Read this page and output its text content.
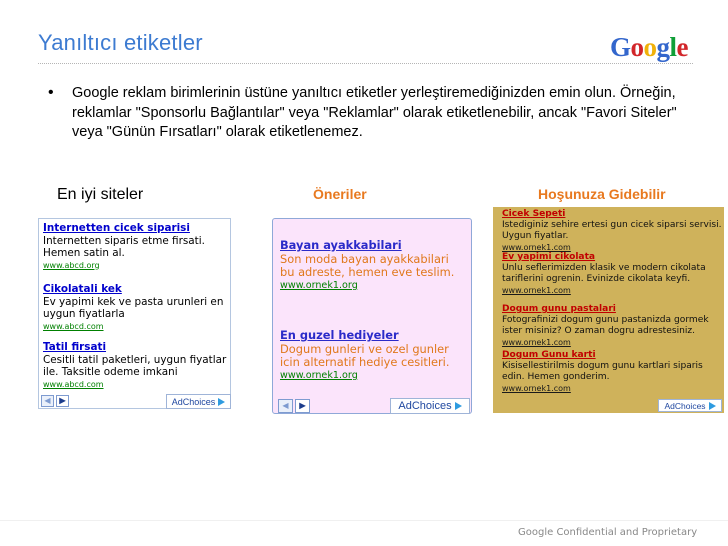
Yanıltıcı etiketler	Google
• Google reklam birimlerinin üstüne yanıltıcı etiketler yerleştiremediğinizden emin olun. Örneğin, reklamlar "Sponsorlu Bağlantılar" veya "Reklamlar" olarak etiketlenebilir, ancak "Favori Siteler" veya "Günün Fırsatları" olarak etiketlenemez.
En iyi siteler	Öneriler	Hoşunuza Gidebilir
Internetten cicek siparisi
Internetten siparis etme firsati.
Hemen satin al.
www.abcd.org
Cikolatali kek
Ev yapimi kek ve pasta urunleri en
uygun fiyatlarla
www.abcd.com
Tatil firsati
Cesitli tatil paketleri, uygun fiyatlar
ile. Taksitle odeme imkani
www.abcd.com
◀	▶	AdChoices
Bayan ayakkabilari
Son moda bayan ayakkabilari
bu adreste, hemen eve teslim.
www.ornek1.org
En guzel hediyeler
Dogum gunleri ve ozel gunler
icin alternatif hediye cesitleri.
www.ornek1.org
◀	▶	AdChoices
Cicek Sepeti
Istediginiz sehire ertesi gun cicek siparsi servisi.
Uygun fiyatlar.
www.ornek1.com
Ev yapimi cikolata
Unlu seflerimizden klasik ve modern cikolata
tariflerini ogrenin. Evinizde cikolata keyfi.
www.ornek1.com
Dogum gunu pastalari
Fotografinizi dogum gunu pastanizda gormek
ister misiniz? O zaman dogru adrestesiniz.
www.ornek1.com
Dogum Gunu karti
Kisisellestirilmis dogum gunu kartlari siparis
edin. Hemen gonderim.
www.ornek1.com
AdChoices
Google Confidential and Proprietary
